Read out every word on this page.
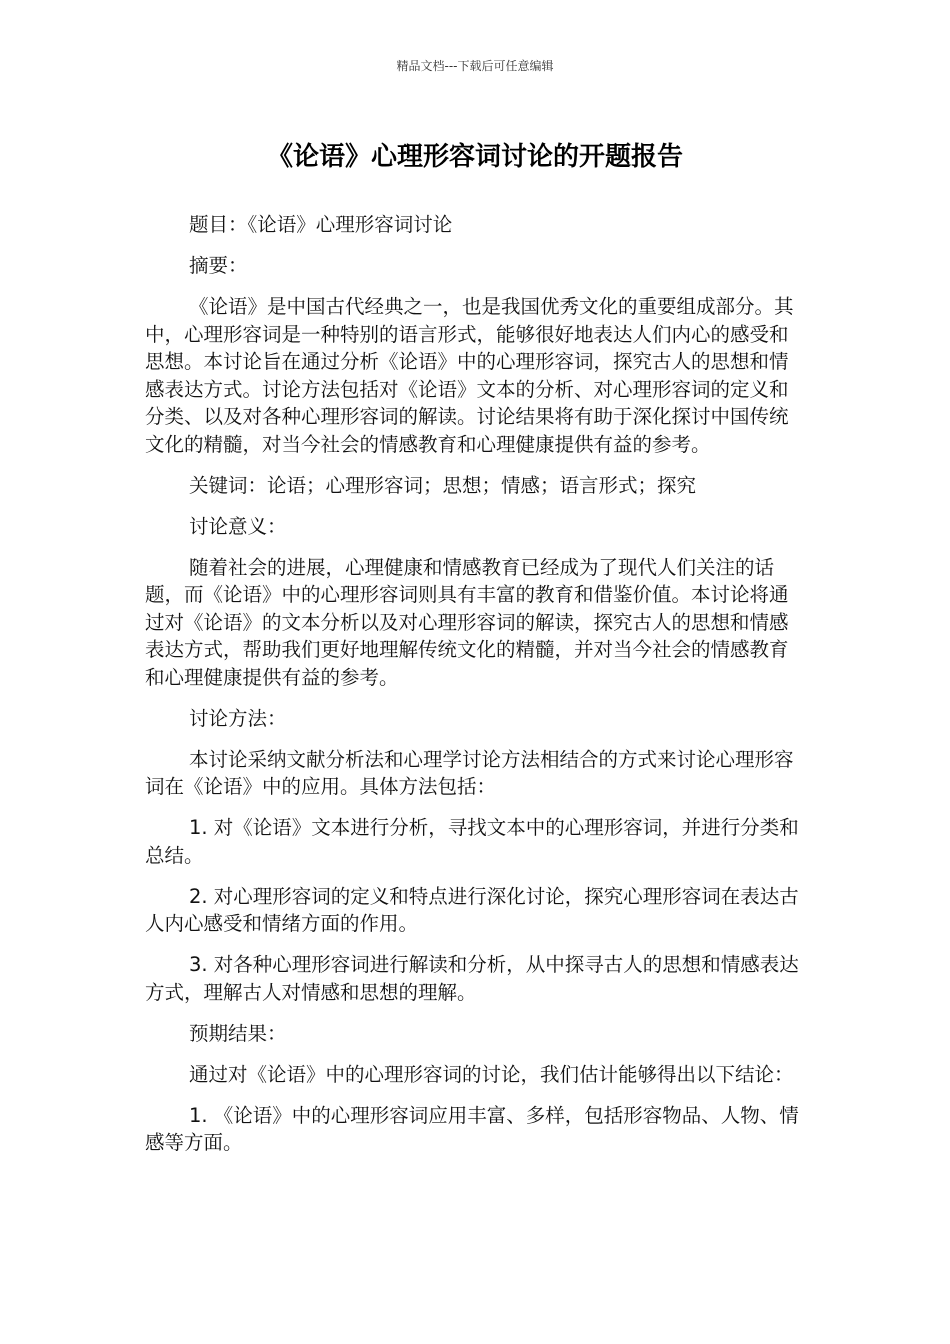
精品文档---下载后可任意编辑
《论语》心理形容词讨论的开题报告

题目：《论语》心理形容词讨论

摘要：

《论语》是中国古代经典之一，也是我国优秀文化的重要组成部分。其中，心理形容词是一种特别的语言形式，能够很好地表达人们内心的感受和思想。本讨论旨在通过分析《论语》中的心理形容词，探究古人的思想和情感表达方式。讨论方法包括对《论语》文本的分析、对心理形容词的定义和分类、以及对各种心理形容词的解读。讨论结果将有助于深化探讨中国传统文化的精髓，对当今社会的情感教育和心理健康提供有益的参考。

关键词：论语；心理形容词；思想；情感；语言形式；探究

讨论意义：

随着社会的进展，心理健康和情感教育已经成为了现代人们关注的话题，而《论语》中的心理形容词则具有丰富的教育和借鉴价值。本讨论将通过对《论语》的文本分析以及对心理形容词的解读，探究古人的思想和情感表达方式，帮助我们更好地理解传统文化的精髓，并对当今社会的情感教育和心理健康提供有益的参考。

讨论方法：

本讨论采纳文献分析法和心理学讨论方法相结合的方式来讨论心理形容词在《论语》中的应用。具体方法包括：

1. 对《论语》文本进行分析，寻找文本中的心理形容词，并进行分类和总结。

2. 对心理形容词的定义和特点进行深化讨论，探究心理形容词在表达古人内心感受和情绪方面的作用。

3. 对各种心理形容词进行解读和分析，从中探寻古人的思想和情感表达方式，理解古人对情感和思想的理解。

预期结果：

通过对《论语》中的心理形容词的讨论，我们估计能够得出以下结论：

1. 《论语》中的心理形容词应用丰富、多样，包括形容物品、人物、情感等方面。
